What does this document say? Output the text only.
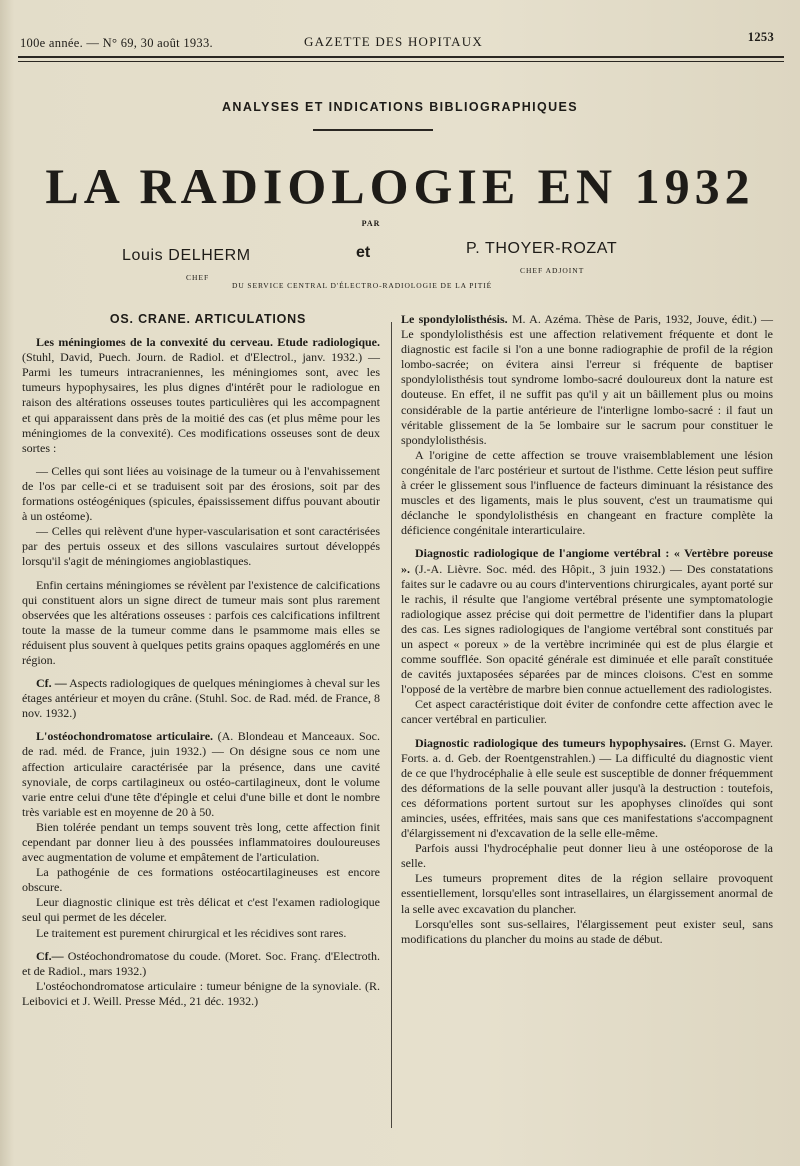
100e année. — N° 69, 30 août 1933.	GAZETTE DES HOPITAUX	1253
ANALYSES ET INDICATIONS BIBLIOGRAPHIQUES
LA RADIOLOGIE EN 1932
PAR
Louis DELHERM	et	P. THOYER-ROZAT
CHEF
CHEF ADJOINT
DU SERVICE CENTRAL D'ÉLECTRO-RADIOLOGIE DE LA PITIÉ

OS. CRANE. ARTICULATIONS

Les méningiomes de la convexité du cerveau. Etude radiologique. (Stuhl, David, Puech. Journ. de Radiol. et d'Electrol., janv. 1932.) — Parmi les tumeurs intracraniennes, les méningiomes sont, avec les tumeurs hypophysaires, les plus dignes d'intérêt pour le radiologue en raison des altérations osseuses toutes particulières qui les accompagnent et qui apparaissent dans près de la moitié des cas (et plus même pour les méningiomes de la convexité). Ces modifications osseuses sont de deux sortes :

— Celles qui sont liées au voisinage de la tumeur ou à l'envahissement de l'os par celle-ci et se traduisent soit par des érosions, soit par des formations ostéogéniques (spicules, épaississement diffus pouvant aboutir à un ostéome).

— Celles qui relèvent d'une hyper-vascularisation et sont caractérisées par des pertuis osseux et des sillons vasculaires surtout développés lorsqu'il s'agit de méningiomes angioblastiques.

Enfin certains méningiomes se révèlent par l'existence de calcifications qui constituent alors un signe direct de tumeur mais sont plus rarement observées que les altérations osseuses : parfois ces calcifications infiltrent toute la masse de la tumeur comme dans le psammome mais elles se réduisent plus souvent à quelques petits grains opaques agglomérés en une région.

Cf. — Aspects radiologiques de quelques méningiomes à cheval sur les étages antérieur et moyen du crâne. (Stuhl. Soc. de Rad. méd. de France, 8 nov. 1932.)

L'ostéochondromatose articulaire. (A. Blondeau et Manceaux. Soc. de rad. méd. de France, juin 1932.) — On désigne sous ce nom une affection articulaire caractérisée par la présence, dans une cavité synoviale, de corps cartilagineux ou ostéo-cartilagineux, dont le volume varie entre celui d'une tête d'épingle et celui d'une bille et dont le nombre très variable est en moyenne de 20 à 50.

Bien tolérée pendant un temps souvent très long, cette affection finit cependant par donner lieu à des poussées inflammatoires douloureuses avec augmentation de volume et empâtement de l'articulation.

La pathogénie de ces formations ostéocartilagineuses est encore obscure.

Leur diagnostic clinique est très délicat et c'est l'examen radiologique seul qui permet de les déceler.

Le traitement est purement chirurgical et les récidives sont rares.

Cf.— Ostéochondromatose du coude. (Moret. Soc. Franç. d'Electroth. et de Radiol., mars 1932.)

L'ostéochondromatose articulaire : tumeur bénigne de la synoviale. (R. Leibovici et J. Weill. Presse Méd., 21 déc. 1932.)

Le spondylolisthésis. M. A. Azéma. Thèse de Paris, 1932, Jouve, édit.) — Le spondylolisthésis est une affection relativement fréquente et dont le diagnostic est facile si l'on a une bonne radiographie de profil de la région lombo-sacrée; on évitera ainsi l'erreur si fréquente de baptiser spondylolisthésis tout syndrome lombo-sacré douloureux dont la nature est douteuse. En effet, il ne suffit pas qu'il y ait un bâillement plus ou moins considérable de la partie antérieure de l'interligne lombo-sacré : il faut un véritable glissement de la 5e lombaire sur le sacrum pour constituer le spondylolisthésis.

A l'origine de cette affection se trouve vraisemblablement une lésion congénitale de l'arc postérieur et surtout de l'isthme. Cette lésion peut suffire à créer le glissement sous l'influence de facteurs diminuant la résistance des muscles et des ligaments, mais le plus souvent, c'est un traumatisme qui déclanche le spondylolisthésis en changeant en fracture complète la déficience congénitale interarticulaire.

Diagnostic radiologique de l'angiome vertébral : « Vertèbre poreuse ». (J.-A. Lièvre. Soc. méd. des Hôpit., 3 juin 1932.) — Des constatations faites sur le cadavre ou au cours d'interventions chirurgicales, ayant porté sur le rachis, il résulte que l'angiome vertébral présente une symptomatologie radiologique assez précise qui doit permettre de l'identifier dans la plupart des cas. Les signes radiologiques de l'angiome vertébral sont constitués par un aspect « poreux » de la vertèbre incriminée qui est de plus élargie et comme soufflée. Son opacité générale est diminuée et elle paraît constituée de cavités juxtaposées séparées par de minces cloisons. C'est en somme l'opposé de la vertèbre de marbre bien connue actuellement des radiologistes.

Cet aspect caractéristique doit éviter de confondre cette affection avec le cancer vertébral en particulier.

Diagnostic radiologique des tumeurs hypophysaires. (Ernst G. Mayer. Forts. a. d. Geb. der Roentgenstrahlen.) — La difficulté du diagnostic vient de ce que l'hydrocéphalie à elle seule est susceptible de donner fréquemment des déformations de la selle pouvant aller jusqu'à la destruction : toutefois, ces déformations portent surtout sur les apophyses clinoïdes qui sont amincies, usées, effritées, mais sans que ces manifestations s'accompagnent d'élargissement ni d'excavation de la selle elle-même.

Parfois aussi l'hydrocéphalie peut donner lieu à une ostéoporose de la selle.

Les tumeurs proprement dites de la région sellaire provoquent essentiellement, lorsqu'elles sont intrasellaires, un élargissement anormal de la selle avec excavation du plancher.

Lorsqu'elles sont sus-sellaires, l'élargissement peut exister seul, sans modifications du plancher du moins au stade de début.
